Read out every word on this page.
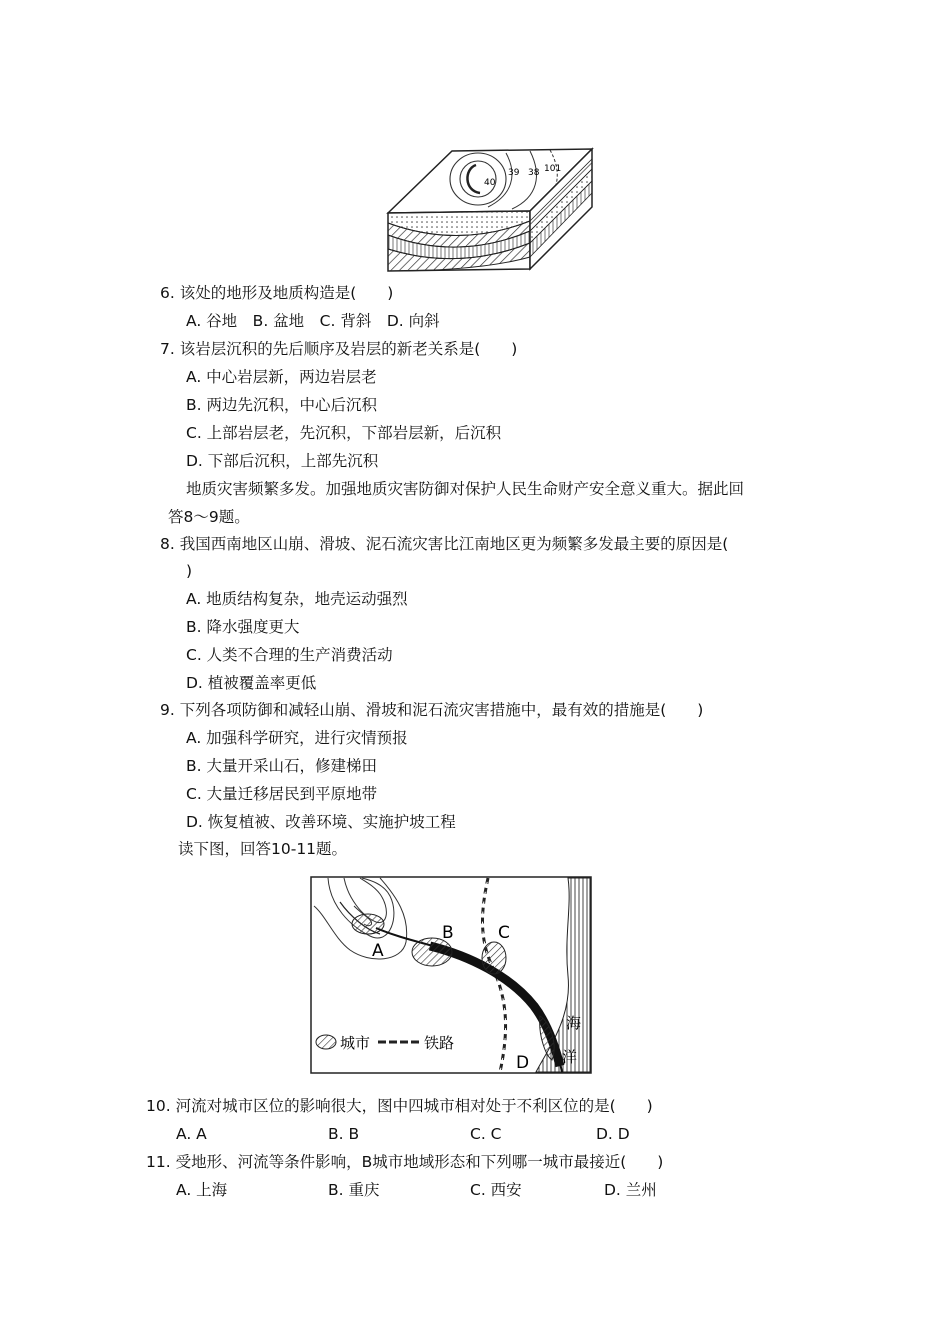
40
39 38 101
6. 该处的地形及地质构造是(　　)
A. 谷地　B. 盆地　C. 背斜　D. 向斜
7. 该岩层沉积的先后顺序及岩层的新老关系是(　　)
A. 中心岩层新，两边岩层老
B. 两边先沉积，中心后沉积
C. 上部岩层老，先沉积，下部岩层新，后沉积
D. 下部后沉积，上部先沉积
地质灾害频繁多发。加强地质灾害防御对保护人民生命财产安全意义重大。据此回
答8～9题。
8. 我国西南地区山崩、滑坡、泥石流灾害比江南地区更为频繁多发最主要的原因是(
)
A. 地质结构复杂，地壳运动强烈
B. 降水强度更大
C. 人类不合理的生产消费活动
D. 植被覆盖率更低
9. 下列各项防御和减轻山崩、滑坡和泥石流灾害措施中，最有效的措施是(　　)
A. 加强科学研究，进行灾情预报
B. 大量开采山石，修建梯田
C. 大量迁移居民到平原地带
D. 恢复植被、改善环境、实施护坡工程
读下图，回答10-11题。
A
B	C
D
海
洋
城市	铁路
10. 河流对城市区位的影响很大，图中四城市相对处于不利区位的是(　　)
A. A	B. B	C. C	D. D
11. 受地形、河流等条件影响，B城市地域形态和下列哪一城市最接近(　　)
A. 上海	B. 重庆	C. 西安	D. 兰州
